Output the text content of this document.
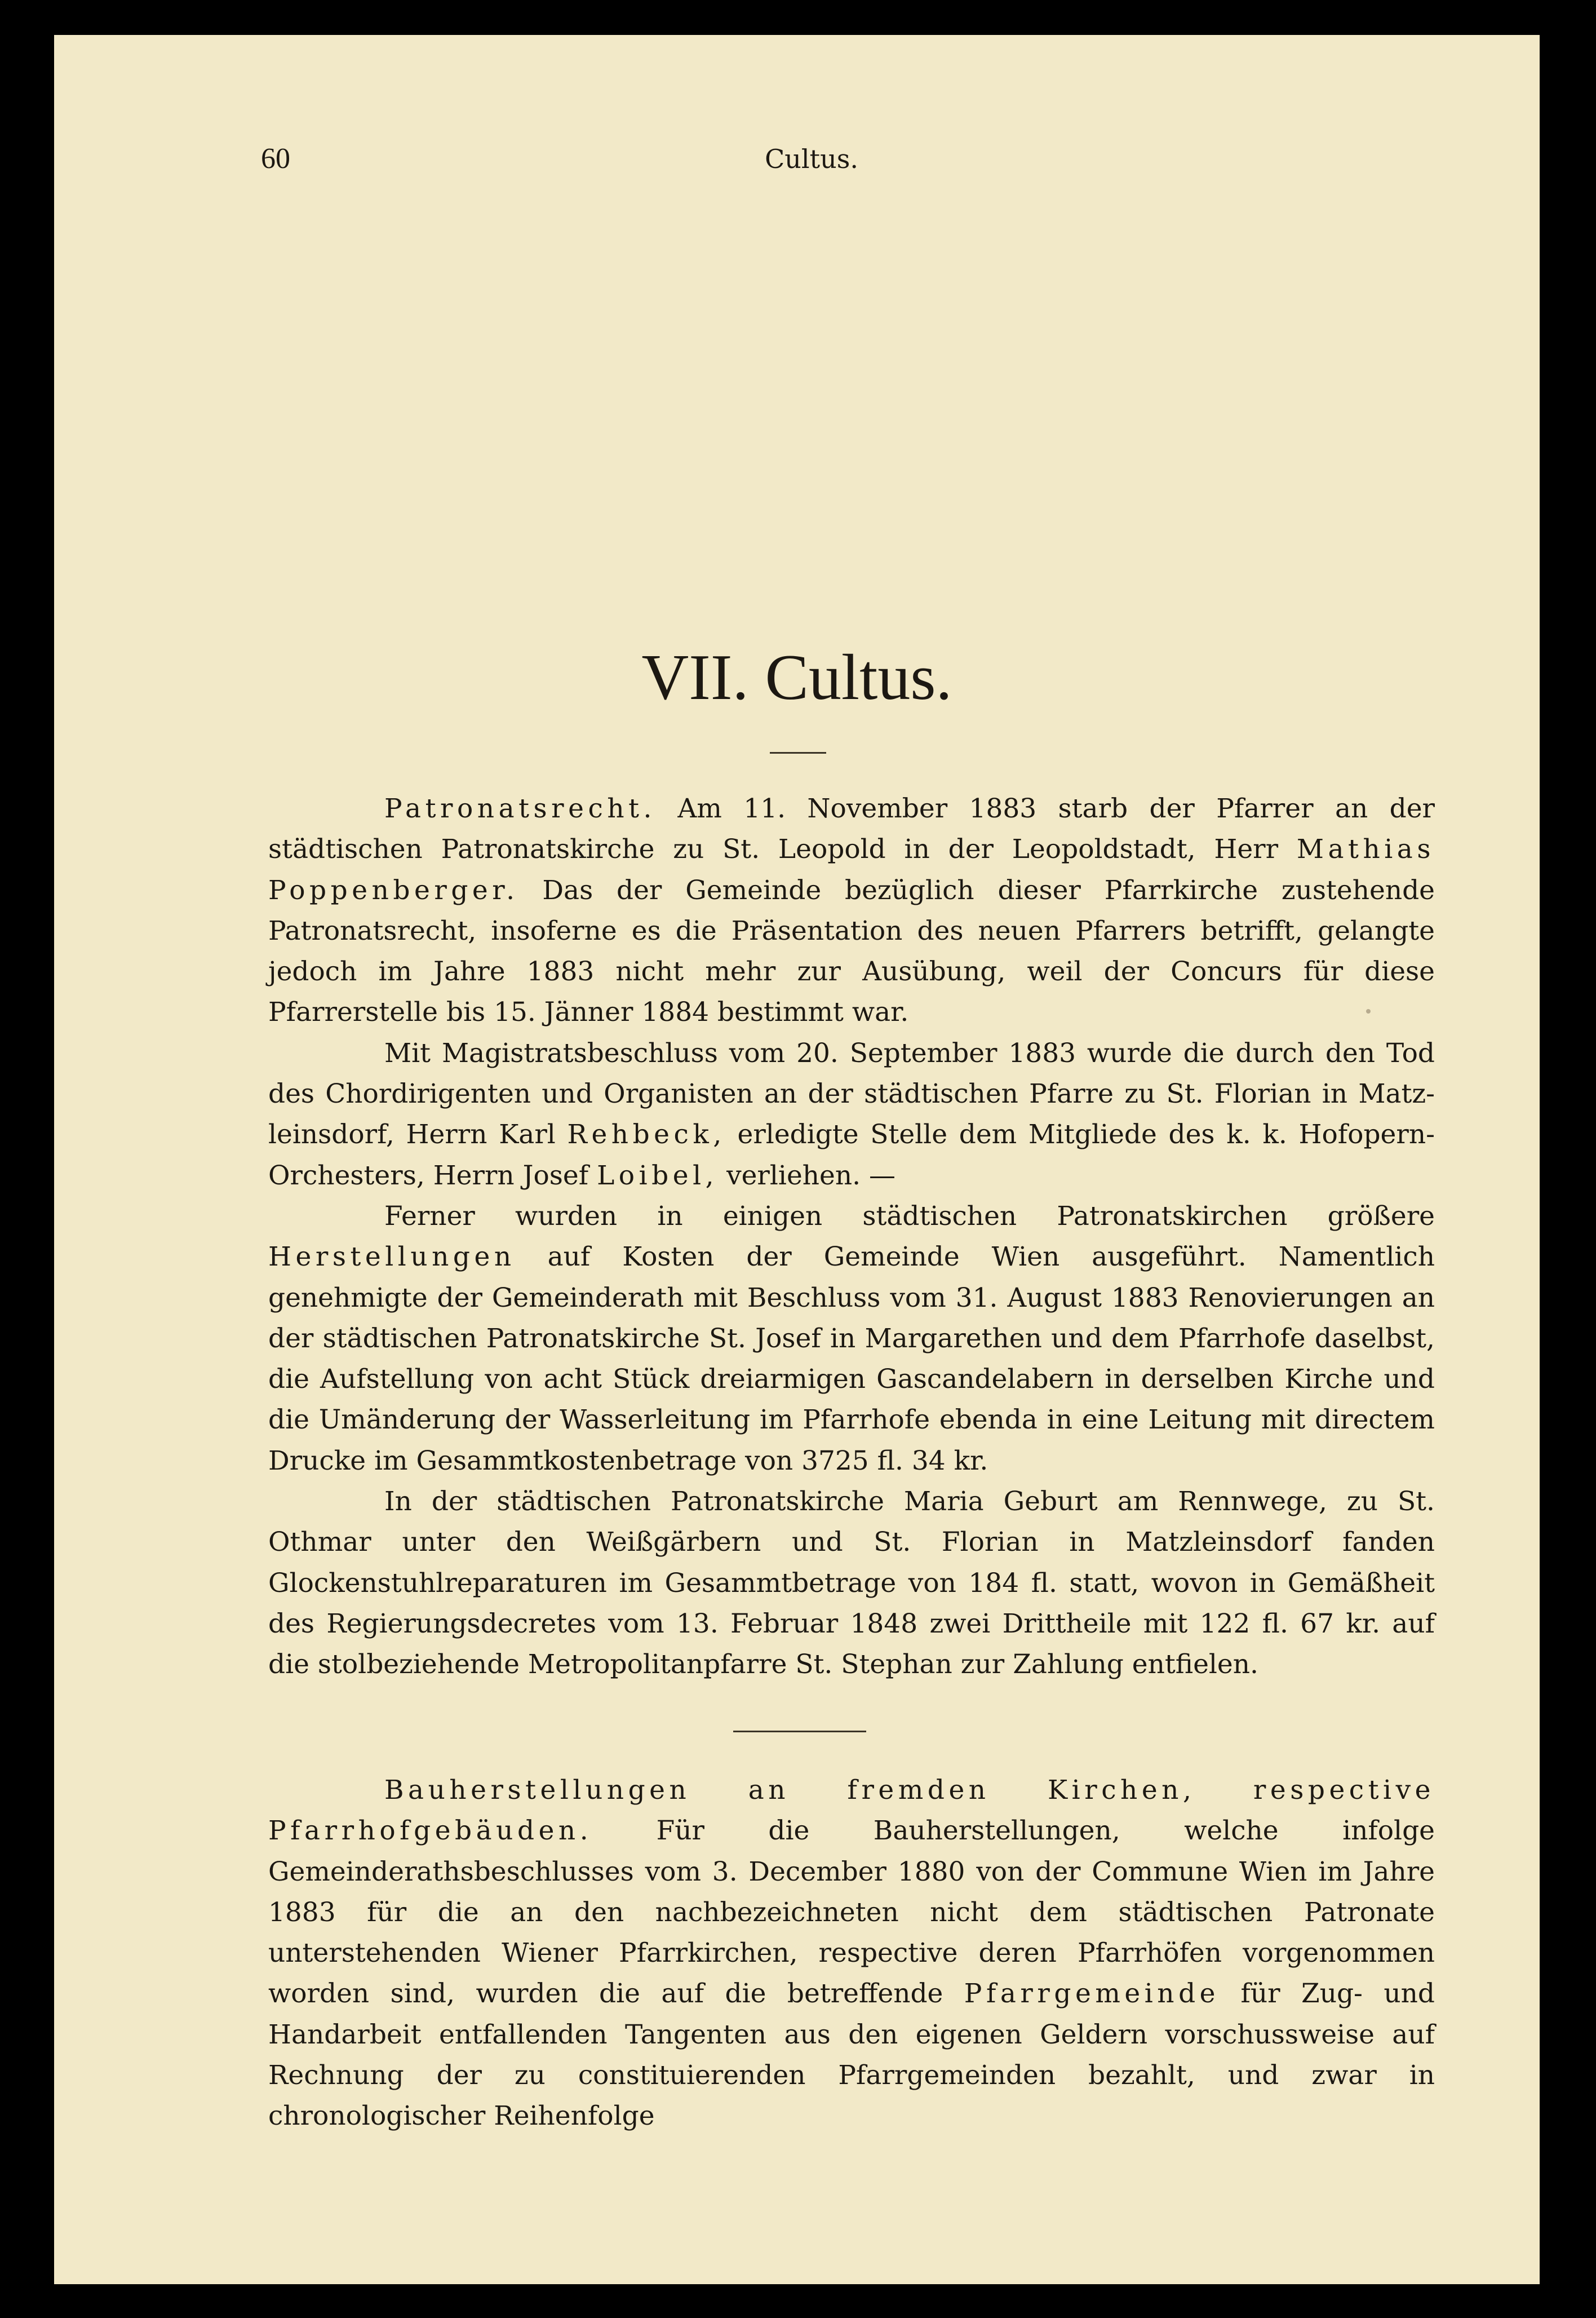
60	Cultus.
VII. Cultus.

Patronatsrecht. Am 11. November 1883 starb der Pfarrer an der städtischen Patronatskirche zu St. Leopold in der Leopoldstadt, Herr Mathias Poppenberger. Das der Gemeinde bezüglich dieser Pfarrkirche zustehende Patronatsrecht, insoferne es die Präsentation des neuen Pfarrers betrifft, gelangte jedoch im Jahre 1883 nicht mehr zur Ausübung, weil der Concurs für diese Pfarrerstelle bis 15. Jänner 1884 bestimmt war.

Mit Magistratsbeschluss vom 20. September 1883 wurde die durch den Tod des Chordirigenten und Organisten an der städtischen Pfarre zu St. Florian in Matz‑ leinsdorf, Herrn Karl Rehbeck, erledigte Stelle dem Mitgliede des k. k. Hofopern‑ Orchesters, Herrn Josef Loibel, verliehen. —

Ferner wurden in einigen städtischen Patronatskirchen größere Herstellungen auf Kosten der Gemeinde Wien ausgeführt. Namentlich genehmigte der Gemeinderath mit Beschluss vom 31. August 1883 Renovierungen an der städtischen Patronatskirche St. Josef in Margarethen und dem Pfarrhofe daselbst, die Aufstellung von acht Stück dreiarmigen Gascandelabern in derselben Kirche und die Umänderung der Wasserleitung im Pfarrhofe ebenda in eine Leitung mit directem Drucke im Gesammtkostenbetrage von 3725 fl. 34 kr.

In der städtischen Patronatskirche Maria Geburt am Rennwege, zu St. Othmar unter den Weißgärbern und St. Florian in Matzleinsdorf fanden Glockenstuhlreparaturen im Gesammtbetrage von 184 fl. statt, wovon in Gemäßheit des Regierungsdecretes vom 13. Februar 1848 zwei Drittheile mit 122 fl. 67 kr. auf die stolbeziehende Metropolitanpfarre St. Stephan zur Zahlung entfielen.

Bauherstellungen an fremden Kirchen, respective Pfarrhofgebäuden. Für die Bauherstellungen, welche infolge Gemeinderathsbeschlusses vom 3. December 1880 von der Commune Wien im Jahre 1883 für die an den nachbezeichneten nicht dem städtischen Patronate unterstehenden Wiener Pfarrkirchen, respective deren Pfarrhöfen vorgenommen worden sind, wurden die auf die betreffende Pfarrgemeinde für Zug‑ und Handarbeit entfallenden Tangenten aus den eigenen Geldern vorschussweise auf Rechnung der zu constituierenden Pfarrgemeinden bezahlt, und zwar in chronologischer Reihenfolge
